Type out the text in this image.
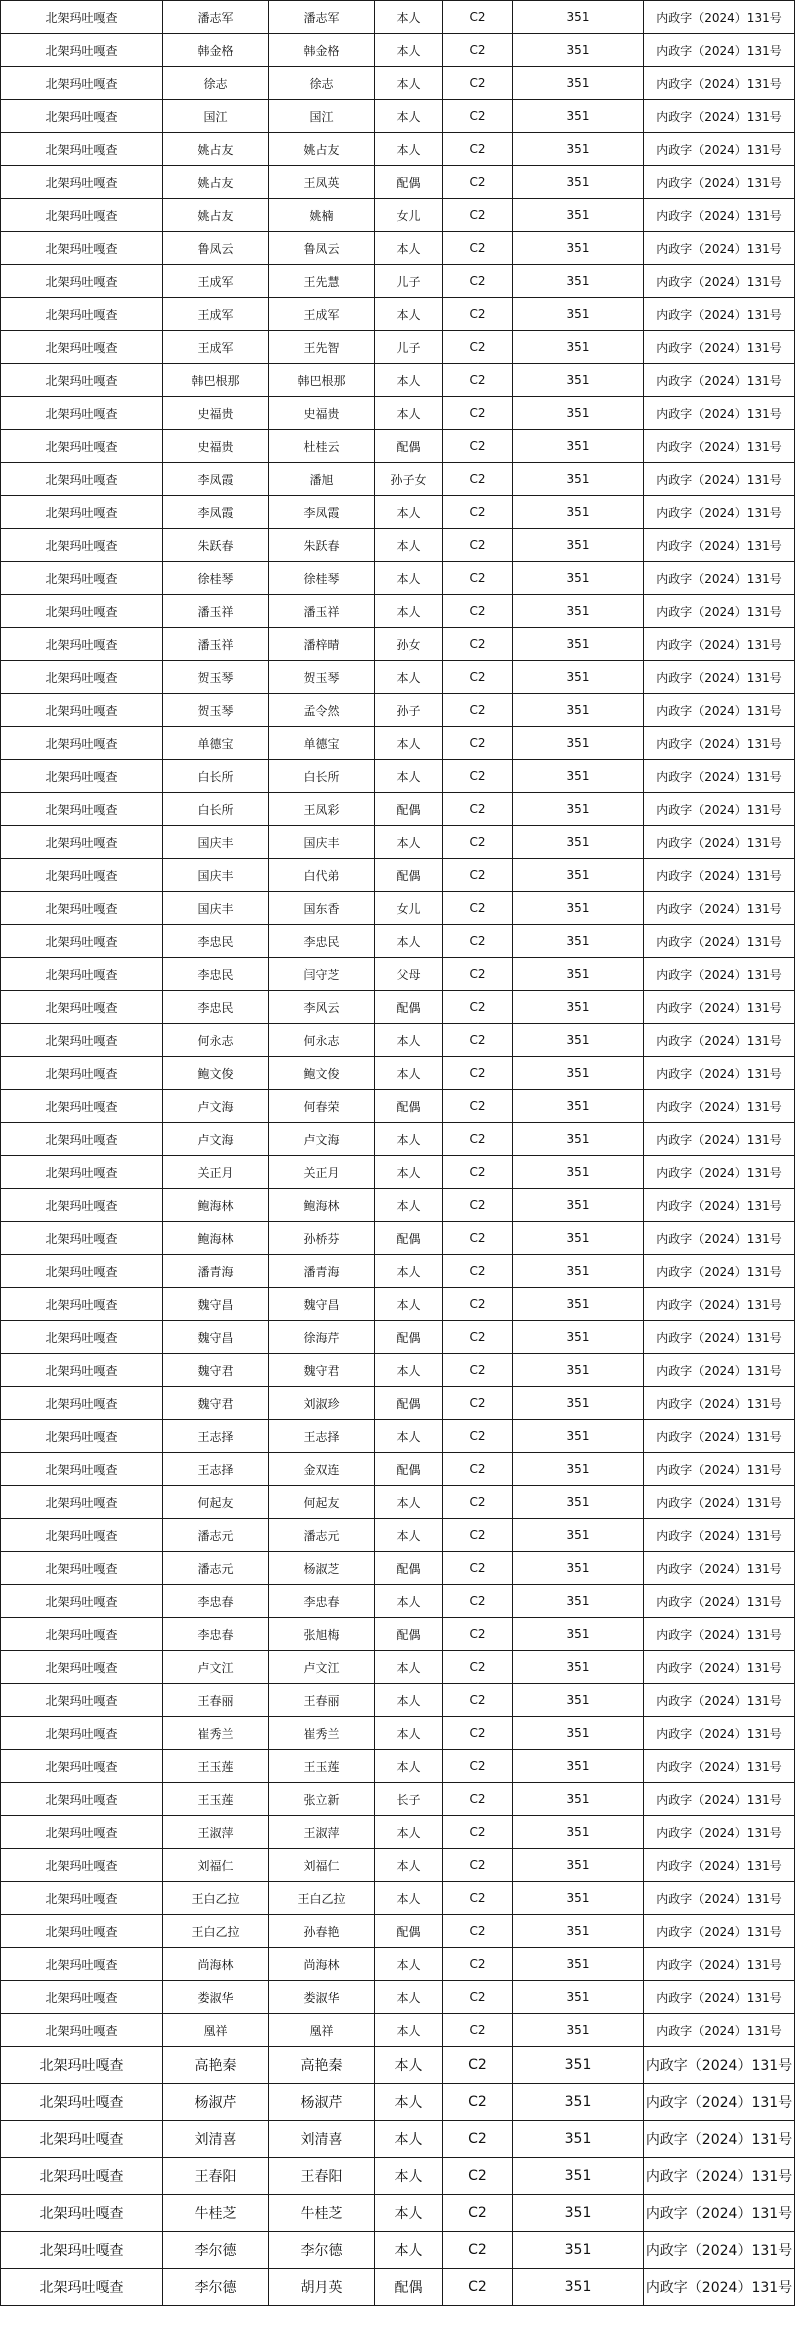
北架玛吐嘎查	潘志军	潘志军	本人	C2	351	内政字（2024）131号
北架玛吐嘎查	韩金格	韩金格	本人	C2	351	内政字（2024）131号
北架玛吐嘎查	徐志	徐志	本人	C2	351	内政字（2024）131号
北架玛吐嘎查	国江	国江	本人	C2	351	内政字（2024）131号
北架玛吐嘎查	姚占友	姚占友	本人	C2	351	内政字（2024）131号
北架玛吐嘎查	姚占友	王凤英	配偶	C2	351	内政字（2024）131号
北架玛吐嘎查	姚占友	姚楠	女儿	C2	351	内政字（2024）131号
北架玛吐嘎查	鲁凤云	鲁凤云	本人	C2	351	内政字（2024）131号
北架玛吐嘎查	王成军	王先慧	儿子	C2	351	内政字（2024）131号
北架玛吐嘎查	王成军	王成军	本人	C2	351	内政字（2024）131号
北架玛吐嘎查	王成军	王先智	儿子	C2	351	内政字（2024）131号
北架玛吐嘎查	韩巴根那	韩巴根那	本人	C2	351	内政字（2024）131号
北架玛吐嘎查	史福贵	史福贵	本人	C2	351	内政字（2024）131号
北架玛吐嘎查	史福贵	杜桂云	配偶	C2	351	内政字（2024）131号
北架玛吐嘎查	李凤霞	潘旭	孙子女	C2	351	内政字（2024）131号
北架玛吐嘎查	李凤霞	李凤霞	本人	C2	351	内政字（2024）131号
北架玛吐嘎查	朱跃春	朱跃春	本人	C2	351	内政字（2024）131号
北架玛吐嘎查	徐桂琴	徐桂琴	本人	C2	351	内政字（2024）131号
北架玛吐嘎查	潘玉祥	潘玉祥	本人	C2	351	内政字（2024）131号
北架玛吐嘎查	潘玉祥	潘梓晴	孙女	C2	351	内政字（2024）131号
北架玛吐嘎查	贺玉琴	贺玉琴	本人	C2	351	内政字（2024）131号
北架玛吐嘎查	贺玉琴	孟令然	孙子	C2	351	内政字（2024）131号
北架玛吐嘎查	单德宝	单德宝	本人	C2	351	内政字（2024）131号
北架玛吐嘎查	白长所	白长所	本人	C2	351	内政字（2024）131号
北架玛吐嘎查	白长所	王凤彩	配偶	C2	351	内政字（2024）131号
北架玛吐嘎查	国庆丰	国庆丰	本人	C2	351	内政字（2024）131号
北架玛吐嘎查	国庆丰	白代弟	配偶	C2	351	内政字（2024）131号
北架玛吐嘎查	国庆丰	国东香	女儿	C2	351	内政字（2024）131号
北架玛吐嘎查	李忠民	李忠民	本人	C2	351	内政字（2024）131号
北架玛吐嘎查	李忠民	闫守芝	父母	C2	351	内政字（2024）131号
北架玛吐嘎查	李忠民	李风云	配偶	C2	351	内政字（2024）131号
北架玛吐嘎查	何永志	何永志	本人	C2	351	内政字（2024）131号
北架玛吐嘎查	鲍文俊	鲍文俊	本人	C2	351	内政字（2024）131号
北架玛吐嘎查	卢文海	何春荣	配偶	C2	351	内政字（2024）131号
北架玛吐嘎查	卢文海	卢文海	本人	C2	351	内政字（2024）131号
北架玛吐嘎查	关正月	关正月	本人	C2	351	内政字（2024）131号
北架玛吐嘎查	鲍海林	鲍海林	本人	C2	351	内政字（2024）131号
北架玛吐嘎查	鲍海林	孙桥芬	配偶	C2	351	内政字（2024）131号
北架玛吐嘎查	潘青海	潘青海	本人	C2	351	内政字（2024）131号
北架玛吐嘎查	魏守昌	魏守昌	本人	C2	351	内政字（2024）131号
北架玛吐嘎查	魏守昌	徐海芹	配偶	C2	351	内政字（2024）131号
北架玛吐嘎查	魏守君	魏守君	本人	C2	351	内政字（2024）131号
北架玛吐嘎查	魏守君	刘淑珍	配偶	C2	351	内政字（2024）131号
北架玛吐嘎查	王志择	王志择	本人	C2	351	内政字（2024）131号
北架玛吐嘎查	王志择	金双连	配偶	C2	351	内政字（2024）131号
北架玛吐嘎查	何起友	何起友	本人	C2	351	内政字（2024）131号
北架玛吐嘎查	潘志元	潘志元	本人	C2	351	内政字（2024）131号
北架玛吐嘎查	潘志元	杨淑芝	配偶	C2	351	内政字（2024）131号
北架玛吐嘎查	李忠春	李忠春	本人	C2	351	内政字（2024）131号
北架玛吐嘎查	李忠春	张旭梅	配偶	C2	351	内政字（2024）131号
北架玛吐嘎查	卢文江	卢文江	本人	C2	351	内政字（2024）131号
北架玛吐嘎查	王春丽	王春丽	本人	C2	351	内政字（2024）131号
北架玛吐嘎查	崔秀兰	崔秀兰	本人	C2	351	内政字（2024）131号
北架玛吐嘎查	王玉莲	王玉莲	本人	C2	351	内政字（2024）131号
北架玛吐嘎查	王玉莲	张立新	长子	C2	351	内政字（2024）131号
北架玛吐嘎查	王淑萍	王淑萍	本人	C2	351	内政字（2024）131号
北架玛吐嘎查	刘福仁	刘福仁	本人	C2	351	内政字（2024）131号
北架玛吐嘎查	王白乙拉	王白乙拉	本人	C2	351	内政字（2024）131号
北架玛吐嘎查	王白乙拉	孙春艳	配偶	C2	351	内政字（2024）131号
北架玛吐嘎查	尚海林	尚海林	本人	C2	351	内政字（2024）131号
北架玛吐嘎查	娄淑华	娄淑华	本人	C2	351	内政字（2024）131号
北架玛吐嘎查	凰祥	凰祥	本人	C2	351	内政字（2024）131号
北架玛吐嘎查	高艳秦	高艳秦	本人	C2	351	内政字（2024）131号
北架玛吐嘎查	杨淑芹	杨淑芹	本人	C2	351	内政字（2024）131号
北架玛吐嘎查	刘清喜	刘清喜	本人	C2	351	内政字（2024）131号
北架玛吐嘎查	王春阳	王春阳	本人	C2	351	内政字（2024）131号
北架玛吐嘎查	牛桂芝	牛桂芝	本人	C2	351	内政字（2024）131号
北架玛吐嘎查	李尔德	李尔德	本人	C2	351	内政字（2024）131号
北架玛吐嘎查	李尔德	胡月英	配偶	C2	351	内政字（2024）131号
